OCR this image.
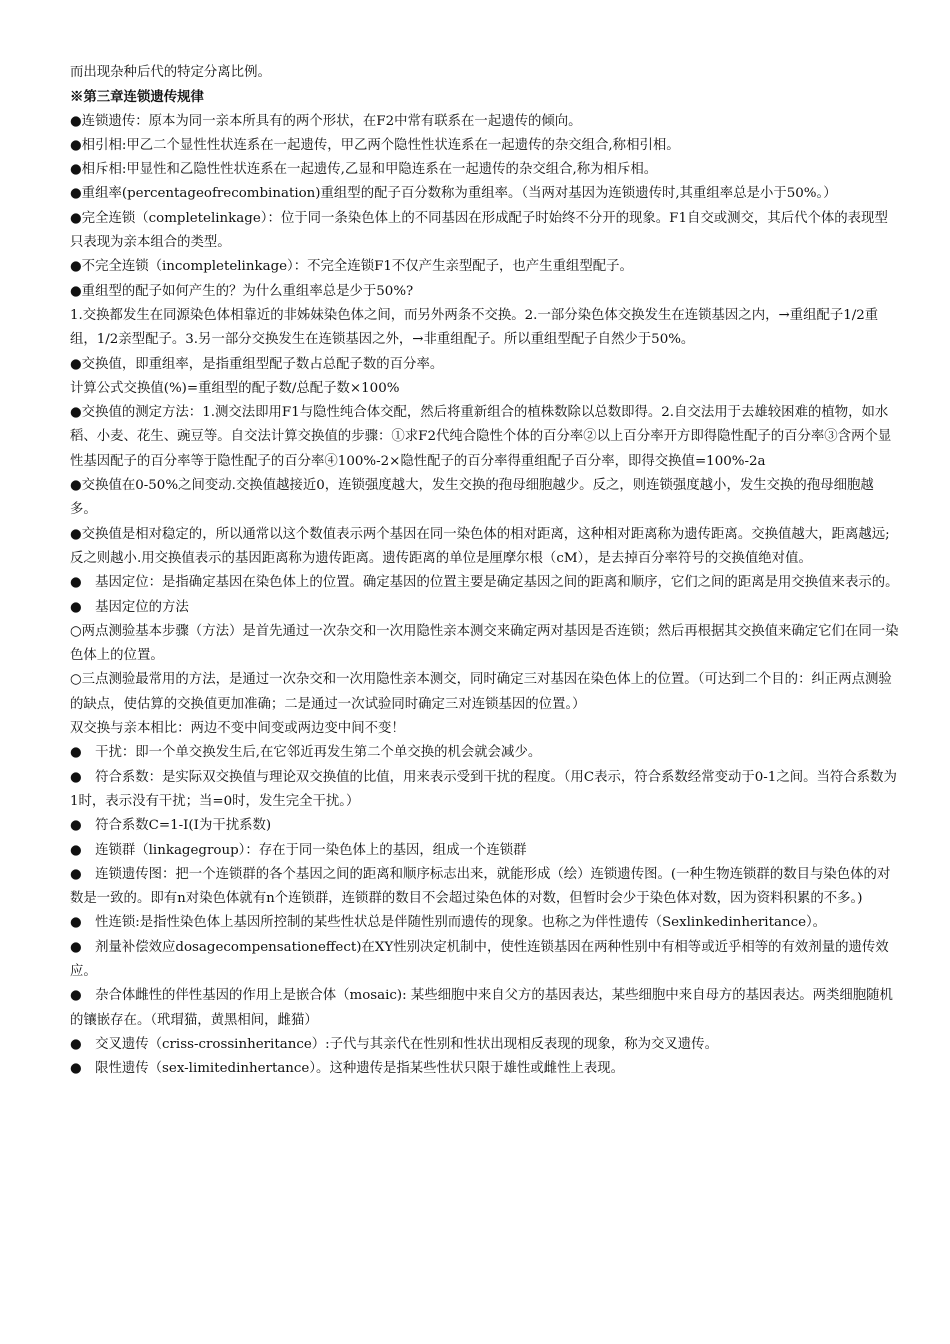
而出现杂种后代的特定分离比例。

※第三章连锁遗传规律

●连锁遗传：原本为同一亲本所具有的两个形状，在F2中常有联系在一起遗传的倾向。

●相引相:甲乙二个显性性状连系在一起遗传，甲乙两个隐性性状连系在一起遗传的杂交组合,称相引相。

●相斥相:甲显性和乙隐性性状连系在一起遗传,乙显和甲隐连系在一起遗传的杂交组合,称为相斥相。

●重组率(percentageofrecombination)重组型的配子百分数称为重组率。（当两对基因为连锁遗传时,其重组率总是小于50%。）

●完全连锁（completelinkage）：位于同一条染色体上的不同基因在形成配子时始终不分开的现象。F1自交或测交，其后代个体的表现型只表现为亲本组合的类型。

●不完全连锁（incompletelinkage）：不完全连锁F1不仅产生亲型配子，也产生重组型配子。

●重组型的配子如何产生的？为什么重组率总是少于50%?

1.交换都发生在同源染色体相靠近的非姊妹染色体之间，而另外两条不交换。2.一部分染色体交换发生在连锁基因之内，→重组配子1/2重组，1/2亲型配子。3.另一部分交换发生在连锁基因之外，→非重组配子。所以重组型配子自然少于50%。

●交换值，即重组率，是指重组型配子数占总配子数的百分率。

计算公式交换值(%)=重组型的配子数/总配子数×100%

●交换值的测定方法：1.测交法即用F1与隐性纯合体交配，然后将重新组合的植株数除以总数即得。2.自交法用于去雄较困难的植物，如水稻、小麦、花生、豌豆等。自交法计算交换值的步骤：①求F2代纯合隐性个体的百分率②以上百分率开方即得隐性配子的百分率③含两个显性基因配子的百分率等于隐性配子的百分率④100%-2×隐性配子的百分率得重组配子百分率，即得交换值=100%-2a

●交换值在0-50%之间变动.交换值越接近0，连锁强度越大，发生交换的孢母细胞越少。反之，则连锁强度越小，发生交换的孢母细胞越多。

●交换值是相对稳定的，所以通常以这个数值表示两个基因在同一染色体的相对距离，这种相对距离称为遗传距离。交换值越大，距离越远;反之则越小.用交换值表示的基因距离称为遗传距离。遗传距离的单位是厘摩尔根（cM），是去掉百分率符号的交换值绝对值。

●　基因定位：是指确定基因在染色体上的位置。确定基因的位置主要是确定基因之间的距离和顺序，它们之间的距离是用交换值来表示的。

●　基因定位的方法

○两点测验基本步骤（方法）是首先通过一次杂交和一次用隐性亲本测交来确定两对基因是否连锁；然后再根据其交换值来确定它们在同一染色体上的位置。

○三点测验最常用的方法，是通过一次杂交和一次用隐性亲本测交，同时确定三对基因在染色体上的位置。（可达到二个目的：纠正两点测验的缺点，使估算的交换值更加准确；二是通过一次试验同时确定三对连锁基因的位置。）

双交换与亲本相比：两边不变中间变或两边变中间不变！

●　干扰：即一个单交换发生后,在它邻近再发生第二个单交换的机会就会减少。

●　符合系数：是实际双交换值与理论双交换值的比值，用来表示受到干扰的程度。（用C表示，符合系数经常变动于0-1之间。当符合系数为1时，表示没有干扰；当=0时，发生完全干扰。）

●　符合系数C=1-I(I为干扰系数)

●　连锁群（linkagegroup）：存在于同一染色体上的基因，组成一个连锁群

●　连锁遗传图：把一个连锁群的各个基因之间的距离和顺序标志出来，就能形成（绘）连锁遗传图。(一种生物连锁群的数目与染色体的对数是一致的。即有n对染色体就有n个连锁群，连锁群的数目不会超过染色体的对数，但暂时会少于染色体对数，因为资料积累的不多。)

●　性连锁:是指性染色体上基因所控制的某些性状总是伴随性别而遗传的现象。也称之为伴性遗传（Sexlinkedinheritance）。

●　剂量补偿效应dosagecompensationeffect)在XY性别决定机制中，使性连锁基因在两种性别中有相等或近乎相等的有效剂量的遗传效应。

●　杂合体雌性的伴性基因的作用上是嵌合体（mosaic): 某些细胞中来自父方的基因表达，某些细胞中来自母方的基因表达。两类细胞随机的镶嵌存在。（玳瑁猫，黄黑相间，雌猫）

●　交叉遗传（criss-crossinheritance）:子代与其亲代在性别和性状出现相反表现的现象，称为交叉遗传。

●　限性遗传（sex-limitedinhertance）。这种遗传是指某些性状只限于雄性或雌性上表现。
